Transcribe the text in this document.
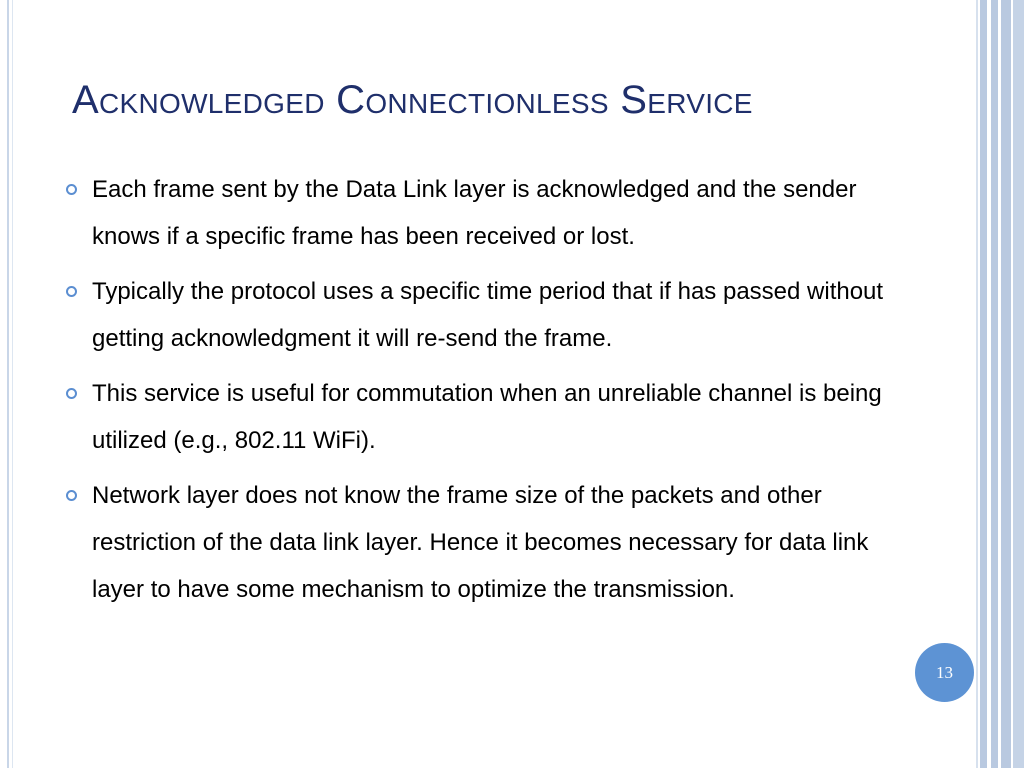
Acknowledged Connectionless Service
Each frame sent by the Data Link layer is acknowledged and the sender knows if a specific frame has been received or lost.
Typically the protocol uses a specific time period that if has passed without getting acknowledgment it will re-send the frame.
This service is useful for commutation when an unreliable channel is being utilized (e.g., 802.11 WiFi).
Network layer does not know the frame size of the packets and other restriction of the data link layer. Hence it becomes necessary for data link layer to have some mechanism to optimize the transmission.
13
